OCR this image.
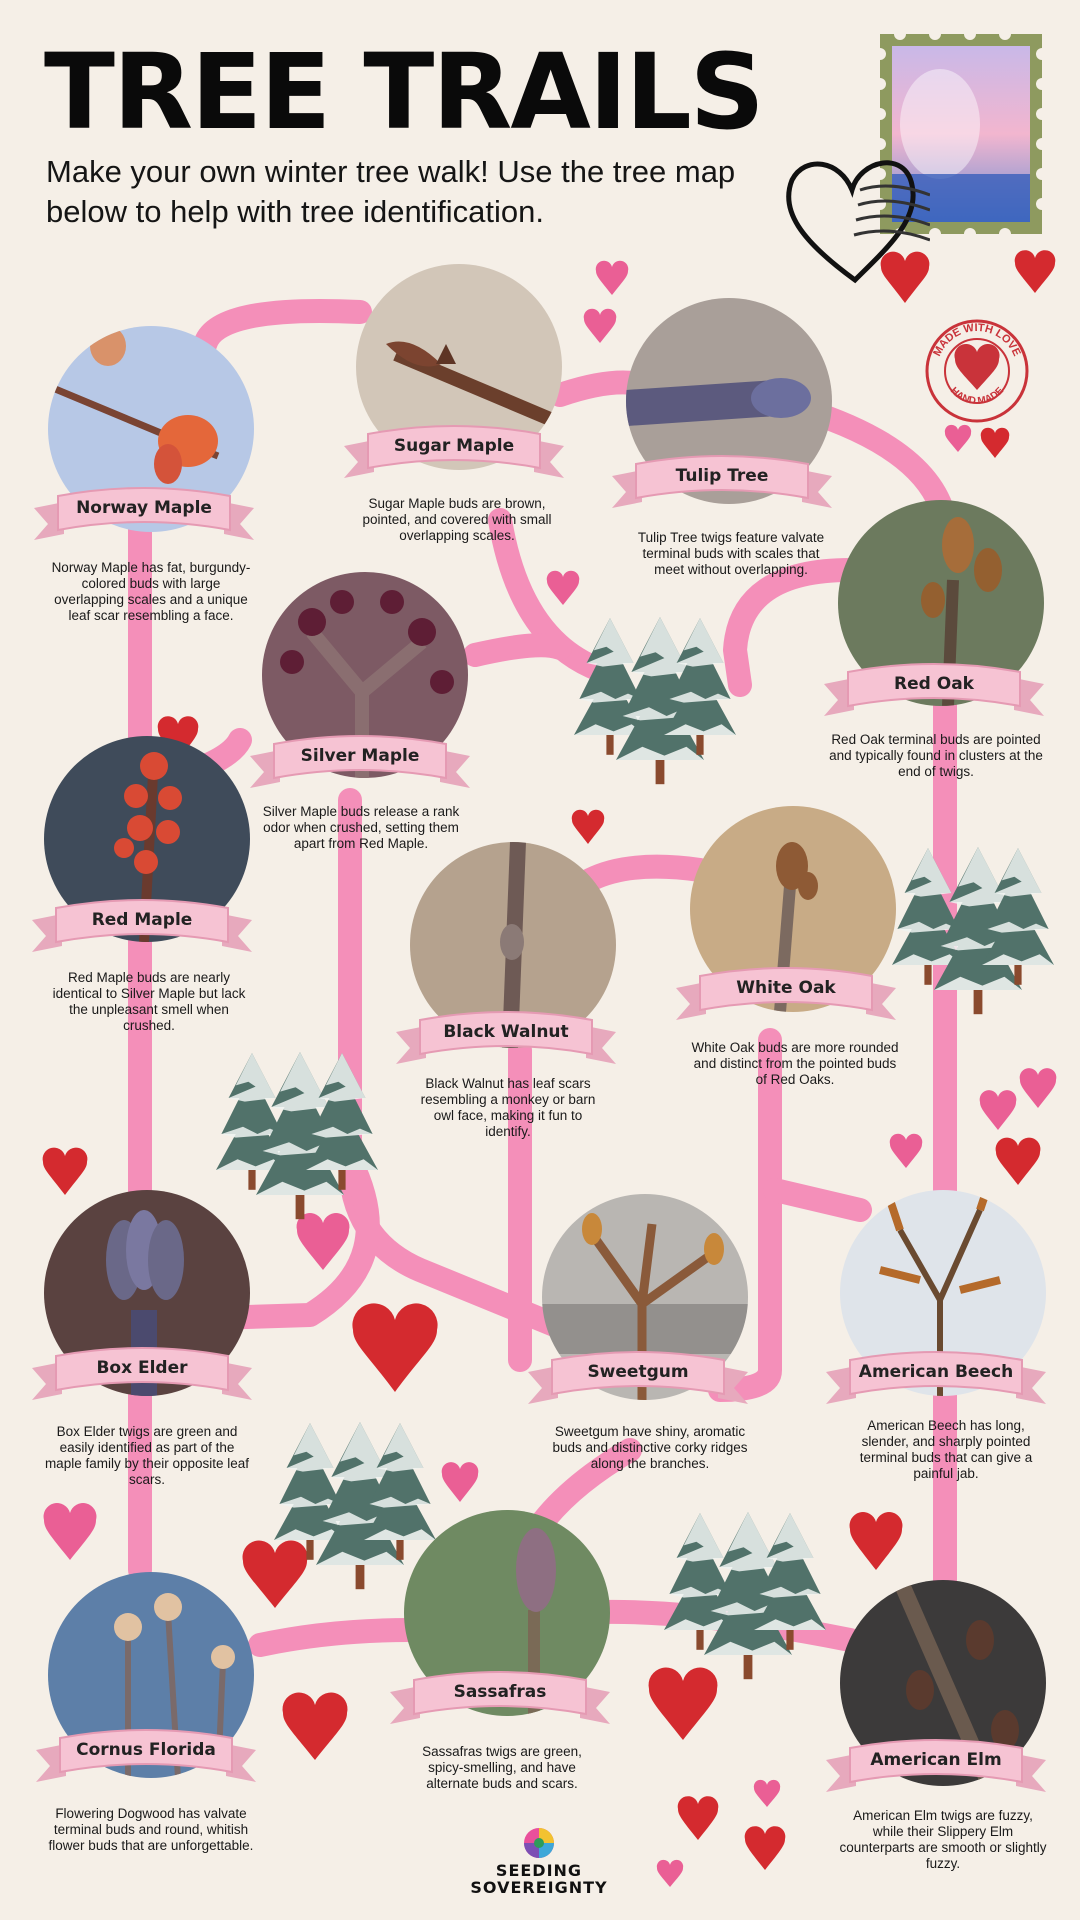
TREE TRAILS
Make your own winter tree walk! Use the tree map below to help with tree identification.
MADE WITH LOVE
HAND MADE
Norway Maple
Norway Maple has fat, burgundy-colored buds with large overlapping scales and a unique leaf scar resembling a face.
Sugar Maple
Sugar Maple buds are brown, pointed, and covered with small overlapping scales.
Tulip Tree
Tulip Tree twigs feature valvate terminal buds with scales that meet without overlapping.
Red Oak
Red Oak terminal buds are pointed and typically found in clusters at the end of twigs.
Silver Maple
Silver Maple buds release a rank odor when crushed, setting them apart from Red Maple.
Red Maple
Red Maple buds are nearly identical to Silver Maple but lack the unpleasant smell when crushed.	Black Walnut
Black Walnut has leaf scars resembling a monkey or barn owl face, making it fun to identify.
White Oak
White Oak buds are more rounded and distinct from the pointed buds of Red Oaks.
Box Elder
Box Elder twigs are green and easily identified as part of the maple family by their opposite leaf scars.
Sweetgum
Sweetgum have shiny, aromatic buds and distinctive corky ridges along the branches.
American Beech
American Beech has long, slender, and sharply pointed terminal buds that can give a painful jab.
Cornus Florida
Flowering Dogwood has valvate terminal buds and round, whitish flower buds that are unforgettable.
Sassafras
Sassafras twigs are green, spicy-smelling, and have alternate buds and scars.
American Elm
American Elm twigs are fuzzy, while their Slippery Elm counterparts are smooth or slightly fuzzy.
SEEDING
SOVEREIGNTY
